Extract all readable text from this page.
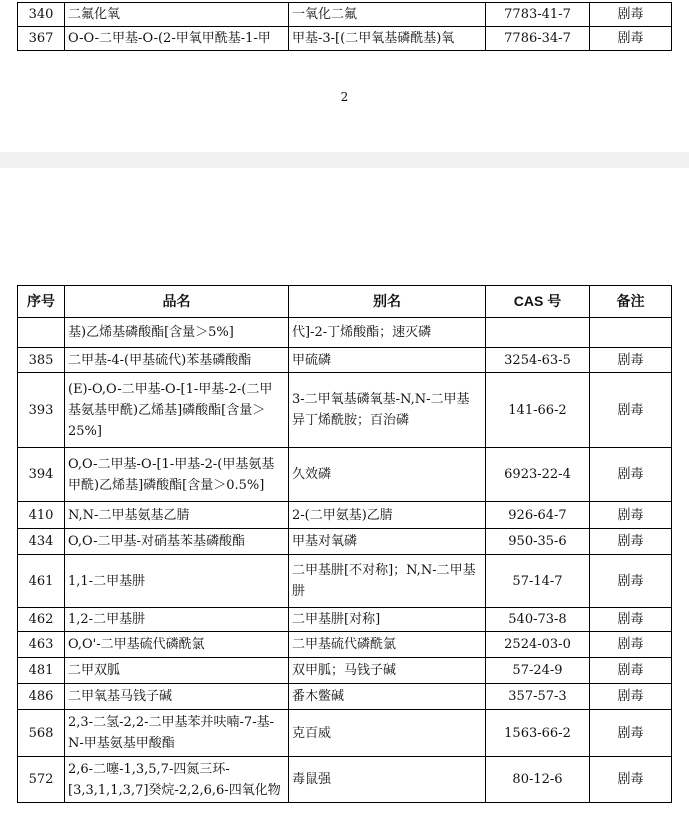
340	二氟化氧	一氧化二氟	7783-41-7	剧毒
367	O-O-二甲基-O-(2-甲氧甲酰基-1-甲	甲基-3-[(二甲氧基磷酰基)氧	7786-34-7	剧毒
2
序号	品名	别名	CAS 号	备注
	基)乙烯基磷酸酯[含量＞5%]	代]-2-丁烯酸酯；速灭磷		
385	二甲基-4-(甲基硫代)苯基磷酸酯	甲硫磷	3254-63-5	剧毒
393	(E)-O,O-二甲基-O-[1-甲基-2-(二甲基氨基甲酰)乙烯基]磷酸酯[含量＞25%]	3-二甲氧基磷氧基-N,N-二甲基异丁烯酰胺；百治磷	141-66-2	剧毒
394	O,O-二甲基-O-[1-甲基-2-(甲基氨基甲酰)乙烯基]磷酸酯[含量＞0.5%]	久效磷	6923-22-4	剧毒
410	N,N-二甲基氨基乙腈	2-(二甲氨基)乙腈	926-64-7	剧毒
434	O,O-二甲基-对硝基苯基磷酸酯	甲基对氧磷	950-35-6	剧毒
461	1,1-二甲基肼	二甲基肼[不对称]；N,N-二甲基肼	57-14-7	剧毒
462	1,2-二甲基肼	二甲基肼[对称]	540-73-8	剧毒
463	O,O'-二甲基硫代磷酰氯	二甲基硫代磷酰氯	2524-03-0	剧毒
481	二甲双胍	双甲胍；马钱子碱	57-24-9	剧毒
486	二甲氧基马钱子碱	番木鳖碱	357-57-3	剧毒
568	2,3-二氢-2,2-二甲基苯并呋喃-7-基-N-甲基氨基甲酸酯	克百威	1563-66-2	剧毒
572	2,6-二噻-1,3,5,7-四氮三环-[3,3,1,1,3,7]癸烷-2,2,6,6-四氧化物	毒鼠强	80-12-6	剧毒
